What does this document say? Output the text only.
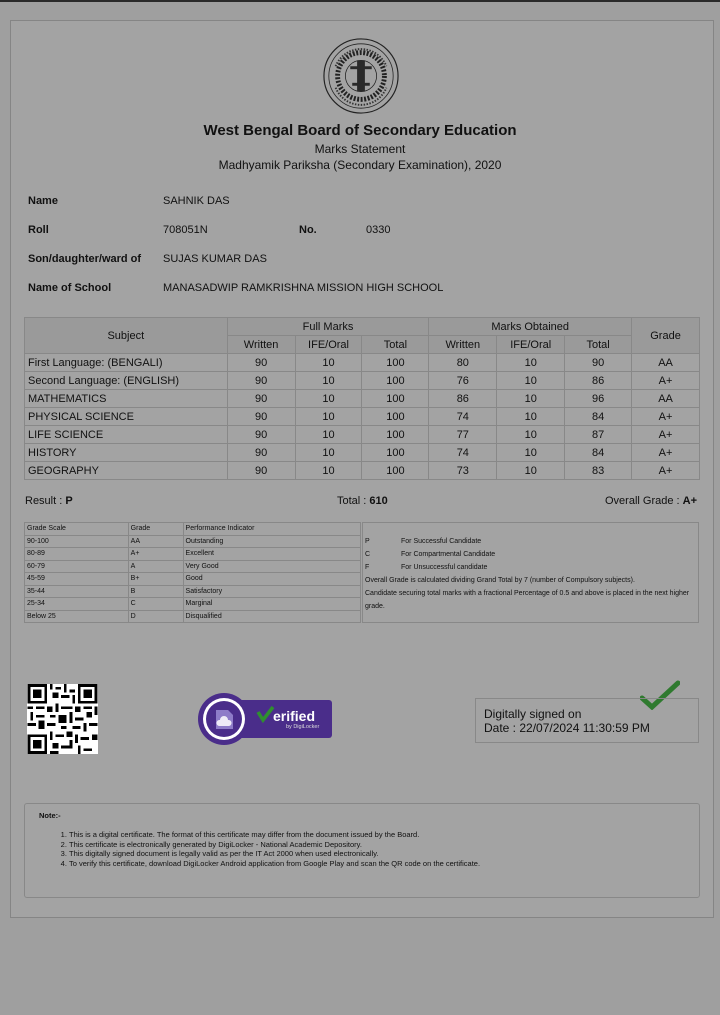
West Bengal Board of Secondary Education
Marks Statement
Madhyamik Pariksha (Secondary Examination), 2020
Name	SAHNIK DAS
Roll	708051N	No.	0330
Son/daughter/ward of SUJAS KUMAR DAS
Name of School	MANASADWIP RAMKRISHNA MISSION HIGH SCHOOL
Subject	Full Marks			Marks Obtained			Grade
	Written	IFE/Oral	Total	Written	IFE/Oral	Total	
First Language: (BENGALI)	90	10	100	80	10	90	AA
Second Language: (ENGLISH)	90	10	100	76	10	86	A+
MATHEMATICS	90	10	100	86	10	96	AA
PHYSICAL SCIENCE	90	10	100	74	10	84	A+
LIFE SCIENCE	90	10	100	77	10	87	A+
HISTORY	90	10	100	74	10	84	A+
GEOGRAPHY	90	10	100	73	10	83	A+
Result : P	Total : 610	Overall Grade : A+
Grade Scale	Grade	Performance Indicator
90-100	AA	Outstanding
80-89	A+	Excellent
60-79	A	Very Good
45-59	B+	Good
35-44	B	Satisfactory
25-34	C	Marginal
Below 25	D	Disqualified
P	For Successful Candidate
C	For Compartmental Candidate
F	For Unsuccessful candidate
Overall Grade is calculated dividing Grand Total by 7 (number of Compulsory subjects).
Candidate securing total marks with a fractional Percentage of 0.5 and above is placed in the next higher grade.
erified
by DigiLocker
Digitally signed on
Date : 22/07/2024 11:30:59 PM
Note:-
1. This is a digital certificate. The format of this certificate may differ from the document issued by the Board.
2. This certificate is electronically generated by DigiLocker - National Academic Depository.
3. This digitally signed document is legally valid as per the IT Act 2000 when used electronically.
4. To verify this certificate, download DigiLocker Android application from Google Play and scan the QR code on the certificate.
